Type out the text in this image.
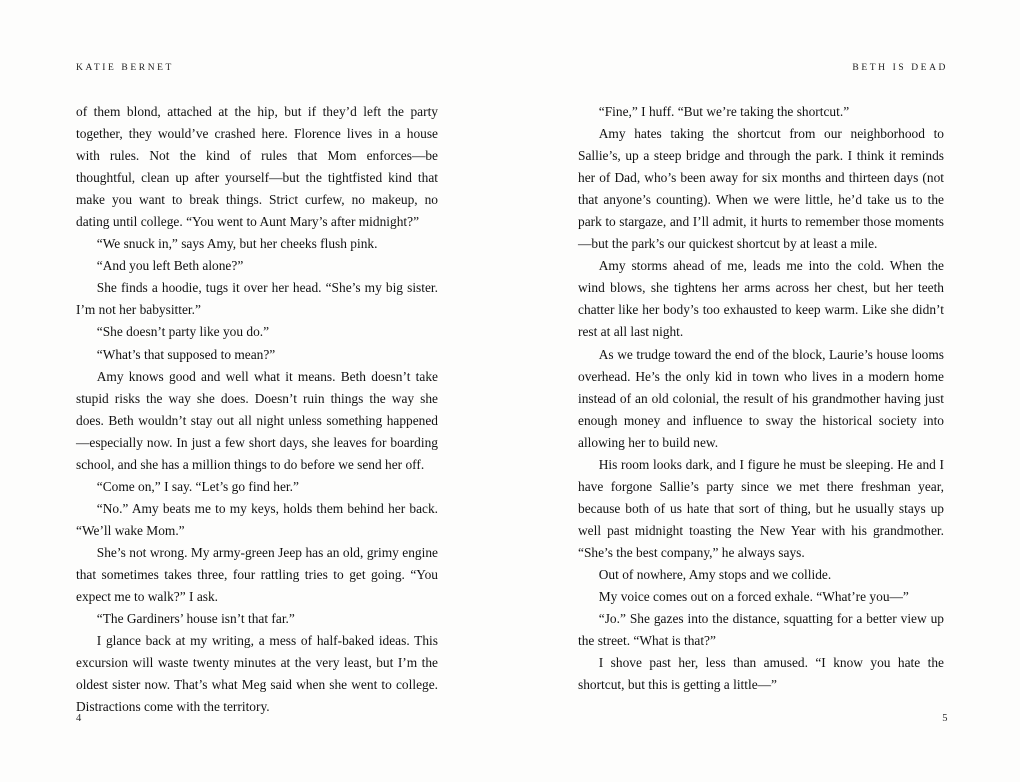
KATIE BERNET

of them blond, attached at the hip, but if they’d left the party together, they would’ve crashed here. Florence lives in a house with rules. Not the kind of rules that Mom enforces—be thoughtful, clean up after yourself—but the tightfisted kind that make you want to break things. Strict curfew, no makeup, no dating until college. “You went to Aunt Mary’s after midnight?”

“We snuck in,” says Amy, but her cheeks flush pink.

“And you left Beth alone?”

She finds a hoodie, tugs it over her head. “She’s my big sister. I’m not her babysitter.”

“She doesn’t party like you do.”

“What’s that supposed to mean?”

Amy knows good and well what it means. Beth doesn’t take stupid risks the way she does. Doesn’t ruin things the way she does. Beth wouldn’t stay out all night unless something happened—especially now. In just a few short days, she leaves for boarding school, and she has a million things to do before we send her off.

“Come on,” I say. “Let’s go find her.”

“No.” Amy beats me to my keys, holds them behind her back. “We’ll wake Mom.”

She’s not wrong. My army-green Jeep has an old, grimy engine that sometimes takes three, four rattling tries to get going. “You expect me to walk?” I ask.

“The Gardiners’ house isn’t that far.”

I glance back at my writing, a mess of half-baked ideas. This excursion will waste twenty minutes at the very least, but I’m the oldest sister now. That’s what Meg said when she went to college. Distractions come with the territory.

4
BETH IS DEAD

“Fine,” I huff. “But we’re taking the shortcut.”

Amy hates taking the shortcut from our neighborhood to Sallie’s, up a steep bridge and through the park. I think it reminds her of Dad, who’s been away for six months and thirteen days (not that anyone’s counting). When we were little, he’d take us to the park to stargaze, and I’ll admit, it hurts to remember those moments—but the park’s our quickest shortcut by at least a mile.

Amy storms ahead of me, leads me into the cold. When the wind blows, she tightens her arms across her chest, but her teeth chatter like her body’s too exhausted to keep warm. Like she didn’t rest at all last night.

As we trudge toward the end of the block, Laurie’s house looms overhead. He’s the only kid in town who lives in a modern home instead of an old colonial, the result of his grandmother having just enough money and influence to sway the historical society into allowing her to build new.

His room looks dark, and I figure he must be sleeping. He and I have forgone Sallie’s party since we met there freshman year, because both of us hate that sort of thing, but he usually stays up well past midnight toasting the New Year with his grandmother. “She’s the best company,” he always says.

Out of nowhere, Amy stops and we collide.

My voice comes out on a forced exhale. “What’re you—”

“Jo.” She gazes into the distance, squatting for a better view up the street. “What is that?”

I shove past her, less than amused. “I know you hate the shortcut, but this is getting a little—”

5
